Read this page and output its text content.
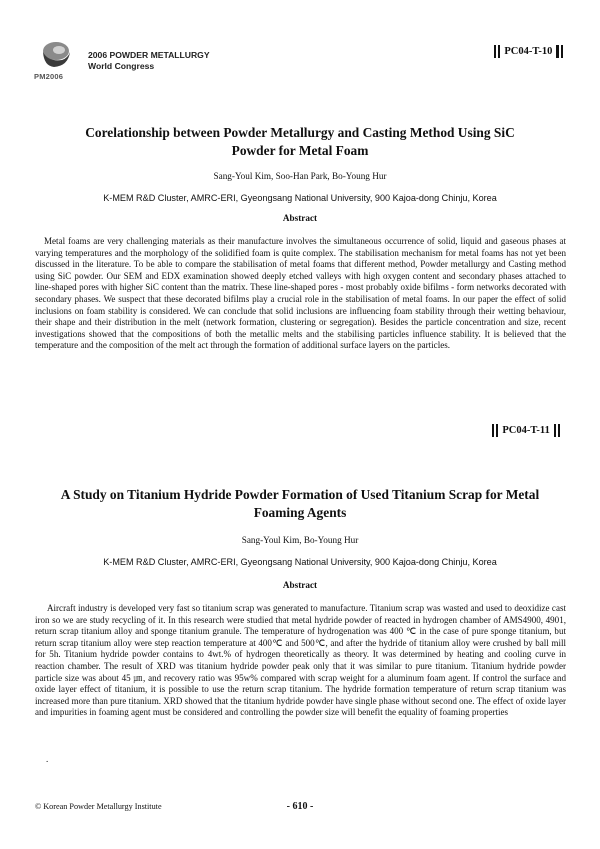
PM2006
2006 POWDER METALLURGY
World Congress
PC04-T-10
Corelationship between Powder Metallurgy and Casting Method Using SiC
Powder for Metal Foam
Sang-Youl Kim, Soo-Han Park, Bo-Young Hur
K-MEM R&D Cluster, AMRC-ERI, Gyeongsang National University, 900 Kajoa-dong Chinju, Korea
Abstract
Metal foams are very challenging materials as their manufacture involves the simultaneous occurrence of solid, liquid and gaseous phases at varying temperatures and the morphology of the solidified foam is quite complex. The stabilisation mechanism for metal foams has not yet been discussed in the literature. To be able to compare the stabilisation of metal foams that different method, Powder metallurgy and Casting method using SiC powder. Our SEM and EDX examination showed deeply etched valleys with high oxygen content and secondary phases attached to line-shaped pores with higher SiC content than the matrix. These line-shaped pores - most probably oxide bifilms - form networks decorated with secondary phases. We suspect that these decorated bifilms play a crucial role in the stabilisation of metal foams. In our paper the effect of solid inclusions on foam stability is considered. We can conclude that solid inclusions are influencing foam stability through their wetting behaviour, their shape and their distribution in the melt (network formation, clustering or segregation). Besides the particle concentration and size, recent investigations showed that the compositions of both the metallic melts and the stabilising particles influence stability. It is believed that the temperature and the composition of the melt act through the formation of additional surface layers on the particles.
PC04-T-11
A Study on Titanium Hydride Powder Formation of Used Titanium Scrap for Metal
Foaming Agents
Sang-Youl Kim, Bo-Young Hur
K-MEM R&D Cluster, AMRC-ERI, Gyeongsang National University, 900 Kajoa-dong Chinju, Korea
Abstract
Aircraft industry is developed very fast so titanium scrap was generated to manufacture. Titanium scrap was wasted and used to deoxidize cast iron so we are study recycling of it. In this research were studied that metal hydride powder of reacted in hydrogen chamber of AMS4900, 4901, return scrap titanium alloy and sponge titanium granule. The temperature of hydrogenation was 400 ℃ in the case of pure sponge titanium, but return scrap titanium alloy were step reaction temperature at 400℃ and 500℃, and after the hydride of titanium alloy were crushed by ball mill for 5h. Titanium hydride powder contains to 4wt.% of hydrogen theoretically as theory. It was determined by heating and cooling curve in reaction chamber. The result of XRD was titanium hydride powder peak only that it was similar to pure titanium. Titanium hydride powder particle size was about 45 ㎛, and recovery ratio was 95w% compared with scrap weight for a aluminum foam agent. If control the surface and oxide layer effect of titanium, it is possible to use the return scrap titanium. The hydride formation temperature of return scrap titanium was increased more than pure titanium. XRD showed that the titanium hydride powder have single phase without second one. The effect of oxide layer and impurities in foaming agent must be considered and controlling the powder size will benefit the equality of foaming properties
.
© Korean Powder Metallurgy Institute	- 610 -
